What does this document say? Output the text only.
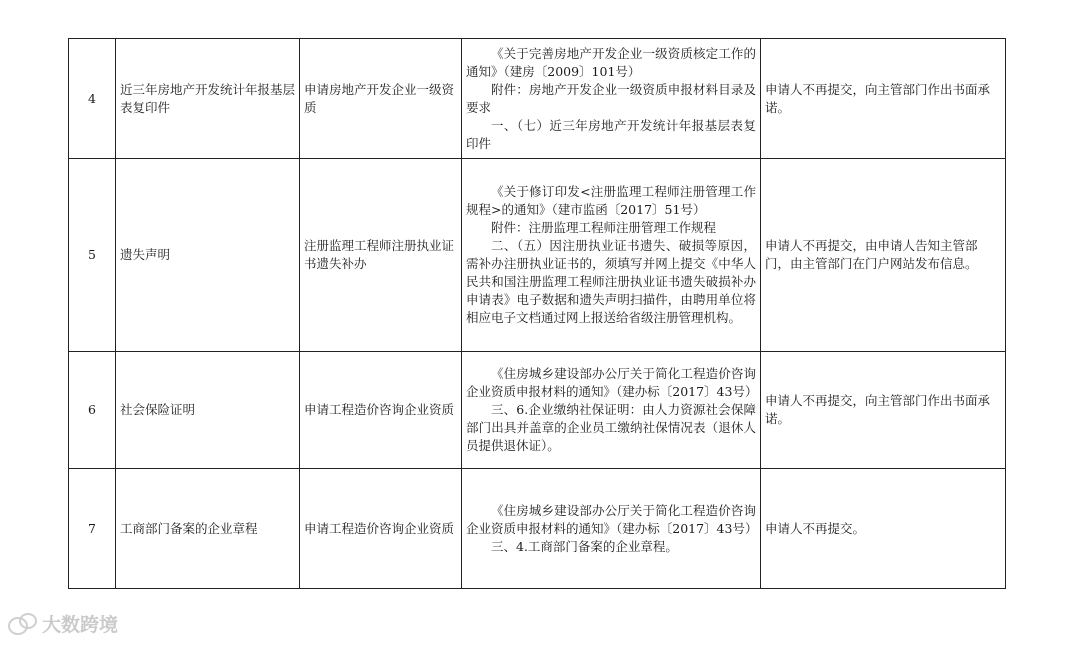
4	近三年房地产开发统计年报基层表复印件	申请房地产开发企业一级资质	《关于完善房地产开发企业一级资质核定工作的通知》（建房〔2009〕101号）

附件：房地产开发企业一级资质申报材料目录及要求

一、（七）近三年房地产开发统计年报基层表复印件	申请人不再提交，向主管部门作出书面承诺。
5	遗失声明	注册监理工程师注册执业证书遗失补办	《关于修订印发<注册监理工程师注册管理工作规程>的通知》（建市监函〔2017〕51号）

附件：注册监理工程师注册管理工作规程

二、（五）因注册执业证书遗失、破损等原因，需补办注册执业证书的，须填写并网上提交《中华人民共和国注册监理工程师注册执业证书遗失破损补办申请表》电子数据和遗失声明扫描件，由聘用单位将相应电子文档通过网上报送给省级注册管理机构。	申请人不再提交，由申请人告知主管部门，由主管部门在门户网站发布信息。
6	社会保险证明	申请工程造价咨询企业资质	《住房城乡建设部办公厅关于简化工程造价咨询企业资质申报材料的通知》（建办标〔2017〕43号）

三、6.企业缴纳社保证明：由人力资源社会保障部门出具并盖章的企业员工缴纳社保情况表（退休人员提供退休证）。	申请人不再提交，向主管部门作出书面承诺。
7	工商部门备案的企业章程	申请工程造价咨询企业资质	《住房城乡建设部办公厅关于简化工程造价咨询企业资质申报材料的通知》（建办标〔2017〕43号）

三、4.工商部门备案的企业章程。	申请人不再提交。
大数跨境
